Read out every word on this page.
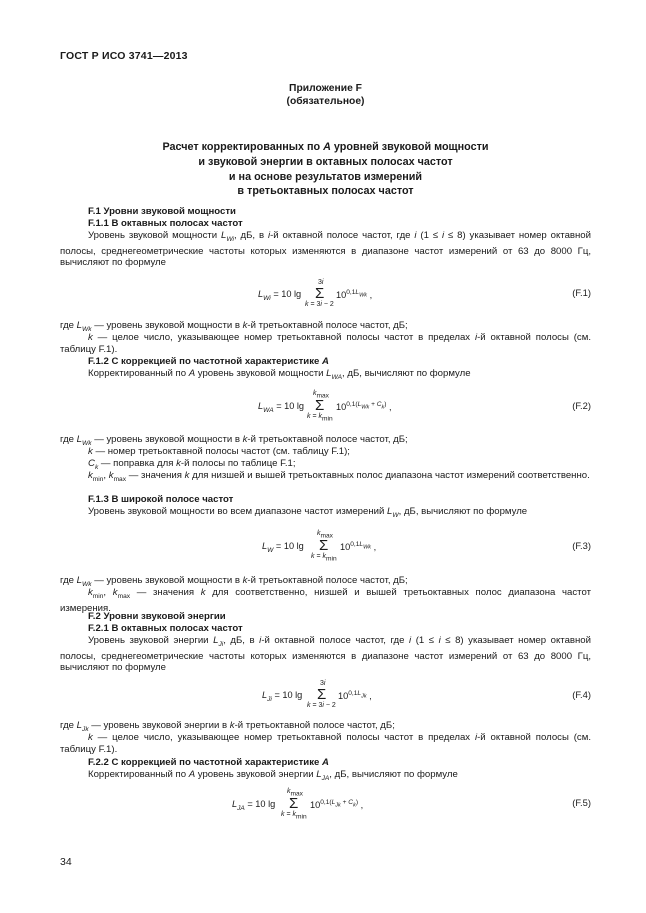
ГОСТ Р ИСО 3741—2013
Приложение F
(обязательное)
Расчет корректированных по А уровней звуковой мощности
и звуковой энергии в октавных полосах частот
и на основе результатов измерений
в третьоктавных полосах частот
F.1 Уровни звуковой мощности
F.1.1 В октавных полосах частот
Уровень звуковой мощности $L_{Wi}$, дБ, в i-й октавной полосе частот, где i (1 ≤ i ≤ 8) указывает номер октавной полосы, среднегеометрические частоты которых изменяются в диапазоне частот измерений от 63 до 8000 Гц, вычисляют по формуле
$L_{Wi} = 10$ lg
3i
Σ
k = 3i − 2
$10^{0,1L_{Wk}}$ ,	(F.1)
где $L_{Wk}$ — уровень звуковой мощности в k-й третьоктавной полосе частот, дБ;
k — целое число, указывающее номер третьоктавной полосы частот в пределах i-й октавной полосы (см. таблицу F.1).
F.1.2 С коррекцией по частотной характеристике A
Корректированный по А уровень звуковой мощности $L_{WA}$, дБ, вычисляют по формуле
$L_{WA} = 10$ lg
$k_{max}$
Σ
$k = k_{min}$
$10^{0,1(L_{Wk} + C_k)}$ ,	(F.2)
где $L_{Wk}$ — уровень звуковой мощности в k-й третьоктавной полосе частот, дБ;
k — номер третьоктавной полосы частот (см. таблицу F.1);
$C_k$ — поправка для k-й полосы по таблице F.1;
$k_{min}$, $k_{max}$ — значения k для низшей и вышей третьоктавных полос диапазона частот измерений соответственно.
F.1.3 В широкой полосе частот
Уровень звуковой мощности во всем диапазоне частот измерений $L_W$, дБ, вычисляют по формуле
$L_W = 10$ lg
$k_{max}$
Σ
$k = k_{min}$
$10^{0,1L_{Wk}}$ ,	(F.3)
где $L_{Wk}$ — уровень звуковой мощности в k-й третьоктавной полосе частот, дБ;
$k_{min}$, $k_{max}$ — значения k для соответственно, низшей и вышей третьоктавных полос диапазона частот измерения.
F.2 Уровни звуковой энергии
F.2.1 В октавных полосах частот
Уровень звуковой энергии $L_{Ji}$, дБ, в i-й октавной полосе частот, где i (1 ≤ i ≤ 8) указывает номер октавной полосы, среднегеометрические частоты которых изменяются в диапазоне частот измерений от 63 до 8000 Гц, вычисляют по формуле
$L_{Ji} = 10$ lg
3i
Σ
k = 3i − 2
$10^{0,1L_{Jk}}$ ,	(F.4)
где $L_{Jk}$ — уровень звуковой энергии в k-й третьоктавной полосе частот, дБ;
k — целое число, указывающее номер третьоктавной полосы частот в пределах i-й октавной полосы (см. таблицу F.1).
F.2.2 С коррекцией по частотной характеристике A
Корректированный по А уровень звуковой энергии $L_{JA}$, дБ, вычисляют по формуле
$L_{JA} = 10$ lg
$k_{max}$
Σ
$k = k_{min}$
$10^{0,1(L_{Jk} + C_k)}$ ,	(F.5)
34
